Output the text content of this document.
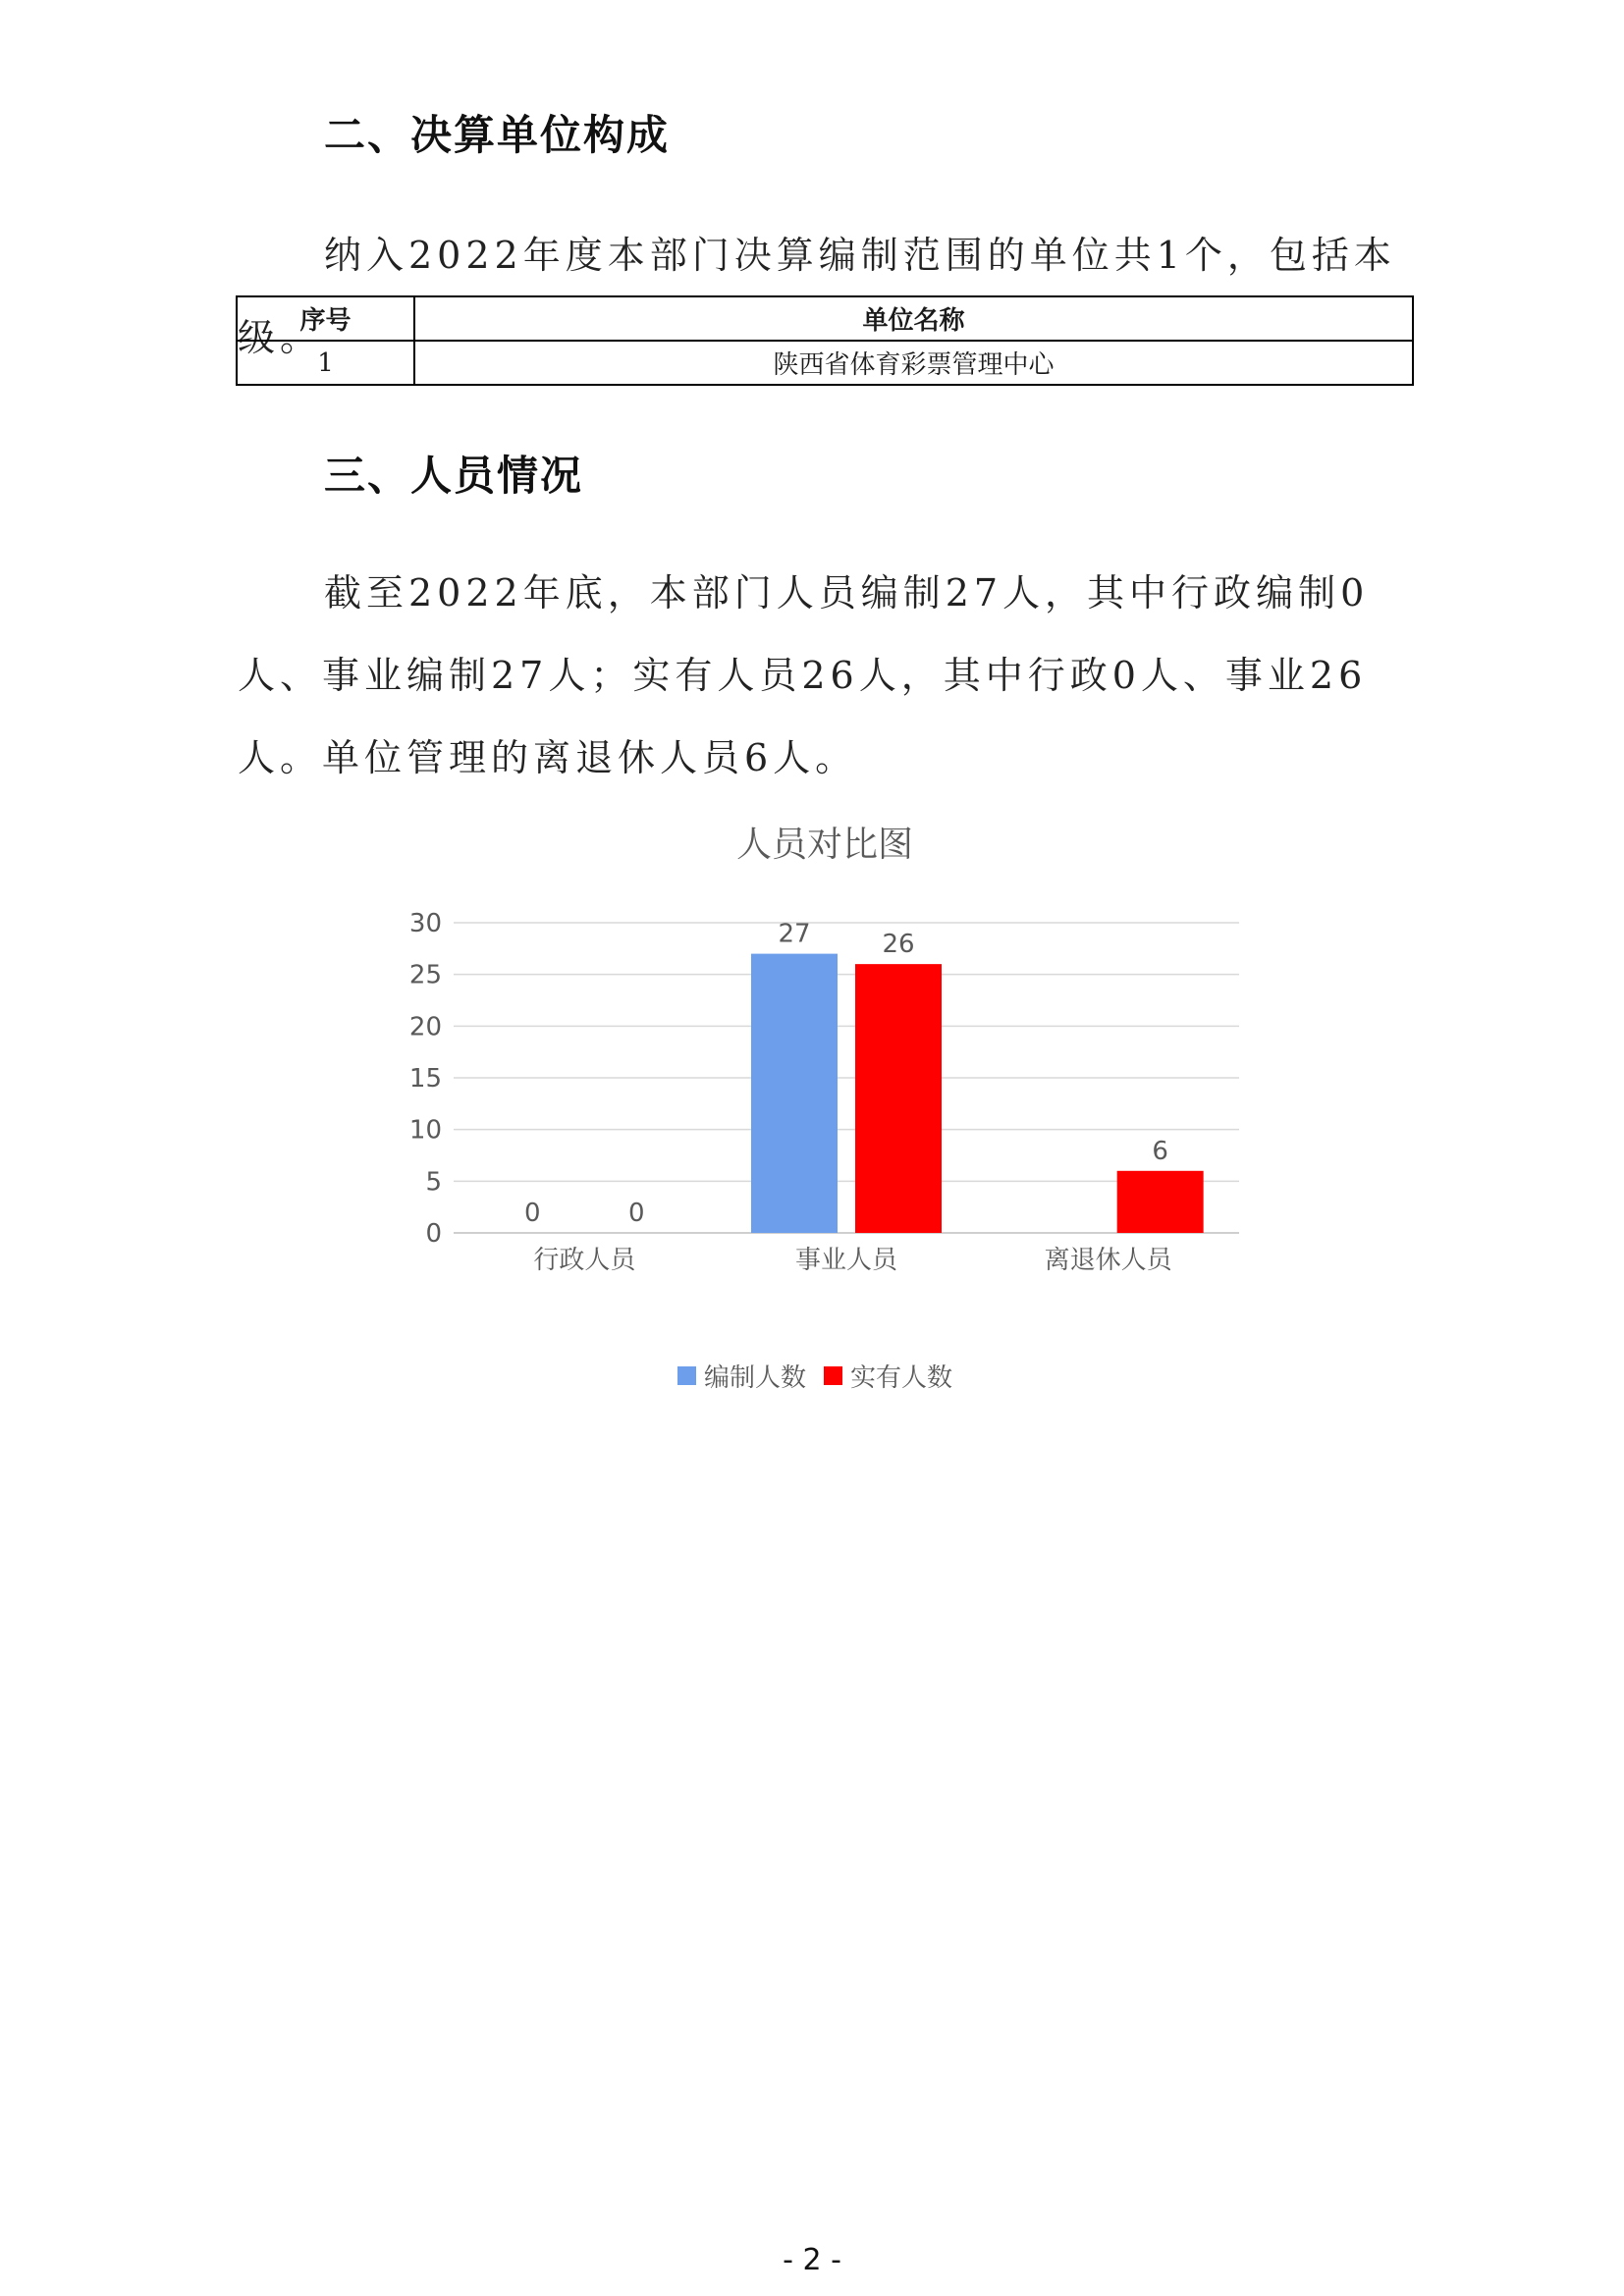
二、决算单位构成

纳入2022年度本部门决算编制范围的单位共1个，包括本级。

序号	单位名称
1	陕西省体育彩票管理中心
三、人员情况

截至2022年底，本部门人员编制27人，其中行政编制0人、事业编制27人；实有人员26人，其中行政0人、事业26人。单位管理的离退休人员6人。

人员对比图
0
5
10
15
20
25
30
行政人员
0	0
事业人员
27	26
离退休人员
6
编制人数 实有人数
- 2 -
